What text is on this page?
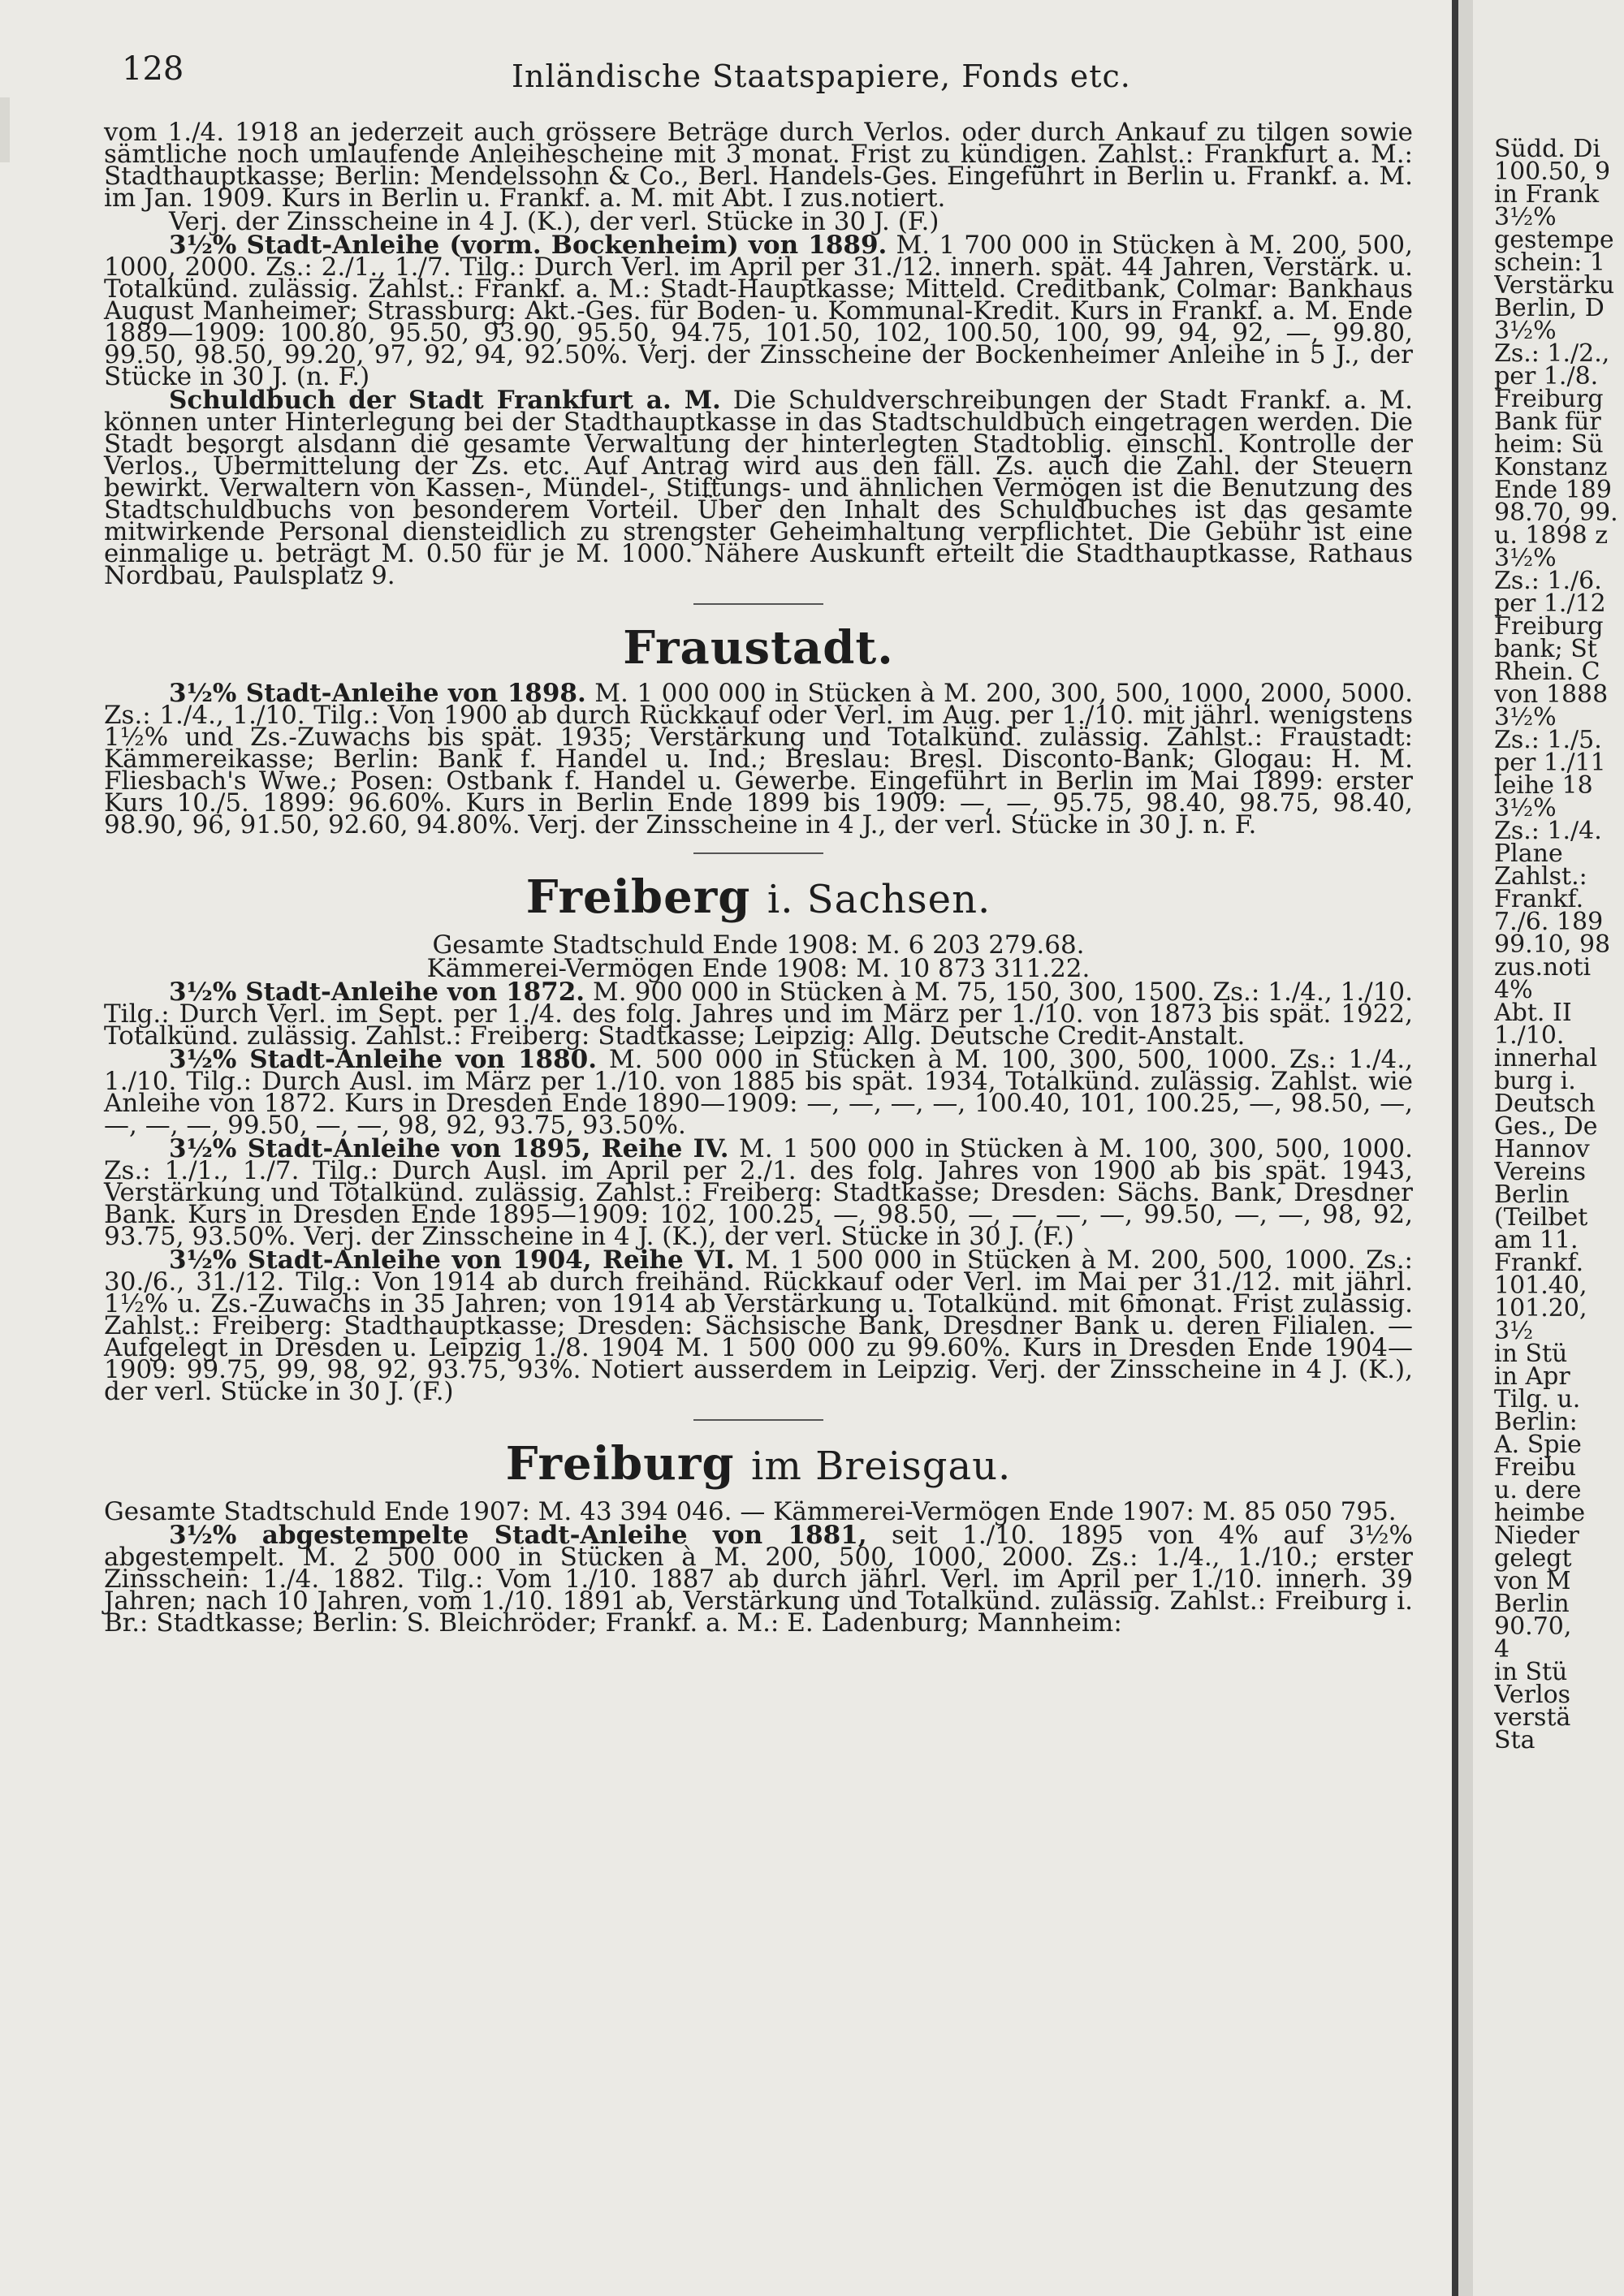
128	Inländische Staatspapiere, Fonds etc.

vom 1./4. 1918 an jederzeit auch grössere Beträge durch Verlos. oder durch Ankauf zu tilgen sowie sämtliche noch umlaufende Anleihescheine mit 3 monat. Frist zu kündigen. Zahlst.: Frankfurt a. M.: Stadthauptkasse; Berlin: Mendelssohn & Co., Berl. Handels-Ges. Eingeführt in Berlin u. Frankf. a. M. im Jan. 1909. Kurs in Berlin u. Frankf. a. M. mit Abt. I zus.notiert.

Verj. der Zinsscheine in 4 J. (K.), der verl. Stücke in 30 J. (F.)

3½% Stadt-Anleihe (vorm. Bockenheim) von 1889. M. 1 700 000 in Stücken à M. 200, 500, 1000, 2000. Zs.: 2./1., 1./7. Tilg.: Durch Verl. im April per 31./12. innerh. spät. 44 Jahren, Verstärk. u. Totalkünd. zulässig. Zahlst.: Frankf. a. M.: Stadt-Hauptkasse; Mitteld. Creditbank, Colmar: Bankhaus August Manheimer; Strassburg: Akt.-Ges. für Boden- u. Kommunal-Kredit. Kurs in Frankf. a. M. Ende 1889—1909: 100.80, 95.50, 93.90, 95.50, 94.75, 101.50, 102, 100.50, 100, 99, 94, 92, —, 99.80, 99.50, 98.50, 99.20, 97, 92, 94, 92.50%. Verj. der Zinsscheine der Bockenheimer Anleihe in 5 J., der Stücke in 30 J. (n. F.)

Schuldbuch der Stadt Frankfurt a. M. Die Schuldverschreibungen der Stadt Frankf. a. M. können unter Hinterlegung bei der Stadthauptkasse in das Stadtschuldbuch eingetragen werden. Die Stadt besorgt alsdann die gesamte Verwaltung der hinterlegten Stadtoblig. einschl. Kontrolle der Verlos., Übermittelung der Zs. etc. Auf Antrag wird aus den fäll. Zs. auch die Zahl. der Steuern bewirkt. Verwaltern von Kassen-, Mündel-, Stiftungs- und ähnlichen Vermögen ist die Benutzung des Stadtschuldbuchs von besonderem Vorteil. Über den Inhalt des Schuldbuches ist das gesamte mitwirkende Personal diensteidlich zu strengster Geheimhaltung verpflichtet. Die Gebühr ist eine einmalige u. beträgt M. 0.50 für je M. 1000. Nähere Auskunft erteilt die Stadthauptkasse, Rathaus Nordbau, Paulsplatz 9.

Fraustadt.

3½% Stadt-Anleihe von 1898. M. 1 000 000 in Stücken à M. 200, 300, 500, 1000, 2000, 5000. Zs.: 1./4., 1./10. Tilg.: Von 1900 ab durch Rückkauf oder Verl. im Aug. per 1./10. mit jährl. wenigstens 1½% und Zs.-Zuwachs bis spät. 1935; Verstärkung und Totalkünd. zulässig. Zahlst.: Fraustadt: Kämmereikasse; Berlin: Bank f. Handel u. Ind.; Breslau: Bresl. Disconto-Bank; Glogau: H. M. Fliesbach's Wwe.; Posen: Ostbank f. Handel u. Gewerbe. Eingeführt in Berlin im Mai 1899: erster Kurs 10./5. 1899: 96.60%. Kurs in Berlin Ende 1899 bis 1909: —, —, 95.75, 98.40, 98.75, 98.40, 98.90, 96, 91.50, 92.60, 94.80%. Verj. der Zinsscheine in 4 J., der verl. Stücke in 30 J. n. F.

Freiberg i. Sachsen.

Gesamte Stadtschuld Ende 1908: M. 6 203 279.68.

Kämmerei-Vermögen Ende 1908: M. 10 873 311.22.

3½% Stadt-Anleihe von 1872. M. 900 000 in Stücken à M. 75, 150, 300, 1500. Zs.: 1./4., 1./10. Tilg.: Durch Verl. im Sept. per 1./4. des folg. Jahres und im März per 1./10. von 1873 bis spät. 1922, Totalkünd. zulässig. Zahlst.: Freiberg: Stadtkasse; Leipzig: Allg. Deutsche Credit-Anstalt.

3½% Stadt-Anleihe von 1880. M. 500 000 in Stücken à M. 100, 300, 500, 1000. Zs.: 1./4., 1./10. Tilg.: Durch Ausl. im März per 1./10. von 1885 bis spät. 1934, Totalkünd. zulässig. Zahlst. wie Anleihe von 1872. Kurs in Dresden Ende 1890—1909: —, —, —, —, 100.40, 101, 100.25, —, 98.50, —, —, —, —, 99.50, —, —, 98, 92, 93.75, 93.50%.

3½% Stadt-Anleihe von 1895, Reihe IV. M. 1 500 000 in Stücken à M. 100, 300, 500, 1000. Zs.: 1./1., 1./7. Tilg.: Durch Ausl. im April per 2./1. des folg. Jahres von 1900 ab bis spät. 1943, Verstärkung und Totalkünd. zulässig. Zahlst.: Freiberg: Stadtkasse; Dresden: Sächs. Bank, Dresdner Bank. Kurs in Dresden Ende 1895—1909: 102, 100.25, —, 98.50, —, —, —, —, 99.50, —, —, 98, 92, 93.75, 93.50%. Verj. der Zinsscheine in 4 J. (K.), der verl. Stücke in 30 J. (F.)

3½% Stadt-Anleihe von 1904, Reihe VI. M. 1 500 000 in Stücken à M. 200, 500, 1000. Zs.: 30./6., 31./12. Tilg.: Von 1914 ab durch freihänd. Rückkauf oder Verl. im Mai per 31./12. mit jährl. 1½% u. Zs.-Zuwachs in 35 Jahren; von 1914 ab Verstärkung u. Totalkünd. mit 6monat. Frist zulässig. Zahlst.: Freiberg: Stadthauptkasse; Dresden: Sächsische Bank, Dresdner Bank u. deren Filialen. — Aufgelegt in Dresden u. Leipzig 1./8. 1904 M. 1 500 000 zu 99.60%. Kurs in Dresden Ende 1904—1909: 99.75, 99, 98, 92, 93.75, 93%. Notiert ausserdem in Leipzig. Verj. der Zinsscheine in 4 J. (K.), der verl. Stücke in 30 J. (F.)

Freiburg im Breisgau.

Gesamte Stadtschuld Ende 1907: M. 43 394 046. — Kämmerei-Vermögen Ende 1907: M. 85 050 795.

3½% abgestempelte Stadt-Anleihe von 1881, seit 1./10. 1895 von 4% auf 3½% abgestempelt. M. 2 500 000 in Stücken à M. 200, 500, 1000, 2000. Zs.: 1./4., 1./10.; erster Zinsschein: 1./4. 1882. Tilg.: Vom 1./10. 1887 ab durch jährl. Verl. im April per 1./10. innerh. 39 Jahren; nach 10 Jahren, vom 1./10. 1891 ab, Verstärkung und Totalkünd. zulässig. Zahlst.: Freiburg i. Br.: Stadtkasse; Berlin: S. Bleichröder; Frankf. a. M.: E. Ladenburg; Mannheim:

Südd. Di
100.50, 9
in Frank
3½%
gestempe
schein: 1
Verstärku
Berlin, D
3½%
Zs.: 1./2.,
per 1./8.
Freiburg
Bank für
heim: Sü
Konstanz
Ende 189
98.70, 99.
u. 1898 z
3½%
Zs.: 1./6.
per 1./12
Freiburg
bank; St
Rhein. C
von 1888
3½%
Zs.: 1./5.
per 1./11
leihe 18
3½%
Zs.: 1./4.
Plane
Zahlst.:
Frankf.
7./6. 189
99.10, 98
zus.noti
4%
Abt. II
1./10.
innerhal
burg i.
Deutsch
Ges., De
Hannov
Vereins
Berlin
(Teilbet
am 11.
Frankf.
101.40,
101.20,
3½
in Stü
in Apr
Tilg. u.
Berlin:
A. Spie
Freibu
u. dere
heimbe
Nieder
gelegt
von M
Berlin
90.70,
4
in Stü
Verlos
verstä
Sta
